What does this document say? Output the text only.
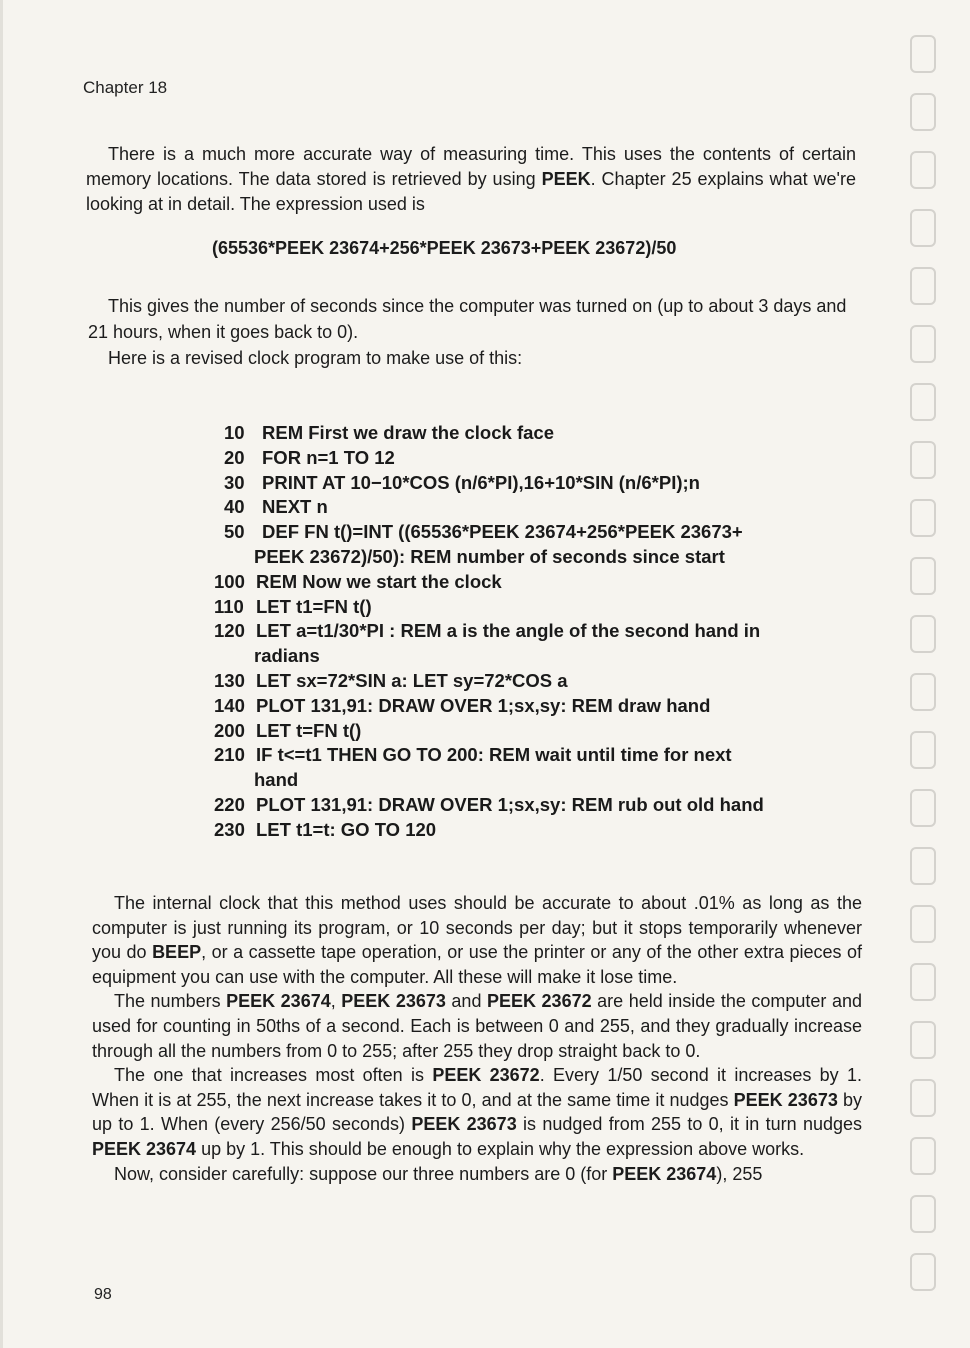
Chapter 18

There is a much more accurate way of measuring time. This uses the contents of certain memory locations. The data stored is retrieved by using PEEK. Chapter 25 explains what we're looking at in detail. The expression used is

(65536*PEEK 23674+256*PEEK 23673+PEEK 23672)/50

This gives the number of seconds since the computer was turned on (up to about 3 days and 21 hours, when it goes back to 0).

Here is a revised clock program to make use of this:

10 REM First we draw the clock face
20 FOR n=1 TO 12
30 PRINT AT 10−10*COS (n/6*PI),16+10*SIN (n/6*PI);n
40 NEXT n
50 DEF FN t()=INT ((65536*PEEK 23674+256*PEEK 23673+
PEEK 23672)/50): REM number of seconds since start
100 REM Now we start the clock
110 LET t1=FN t()
120 LET a=t1/30*PI : REM a is the angle of the second hand in
radians
130 LET sx=72*SIN a: LET sy=72*COS a
140 PLOT 131,91: DRAW OVER 1;sx,sy: REM draw hand
200 LET t=FN t()
210 IF t<=t1 THEN GO TO 200: REM wait until time for next
hand
220 PLOT 131,91: DRAW OVER 1;sx,sy: REM rub out old hand
230 LET t1=t: GO TO 120

The internal clock that this method uses should be accurate to about .01% as long as the computer is just running its program, or 10 seconds per day; but it stops temporarily whenever you do BEEP, or a cassette tape operation, or use the printer or any of the other extra pieces of equipment you can use with the computer. All these will make it lose time.

The numbers PEEK 23674, PEEK 23673 and PEEK 23672 are held inside the computer and used for counting in 50ths of a second. Each is between 0 and 255, and they gradually increase through all the numbers from 0 to 255; after 255 they drop straight back to 0.

The one that increases most often is PEEK 23672. Every 1/50 second it increases by 1. When it is at 255, the next increase takes it to 0, and at the same time it nudges PEEK 23673 by up to 1. When (every 256/50 seconds) PEEK 23673 is nudged from 255 to 0, it in turn nudges PEEK 23674 up by 1. This should be enough to explain why the expression above works.

Now, consider carefully: suppose our three numbers are 0 (for PEEK 23674), 255

98
